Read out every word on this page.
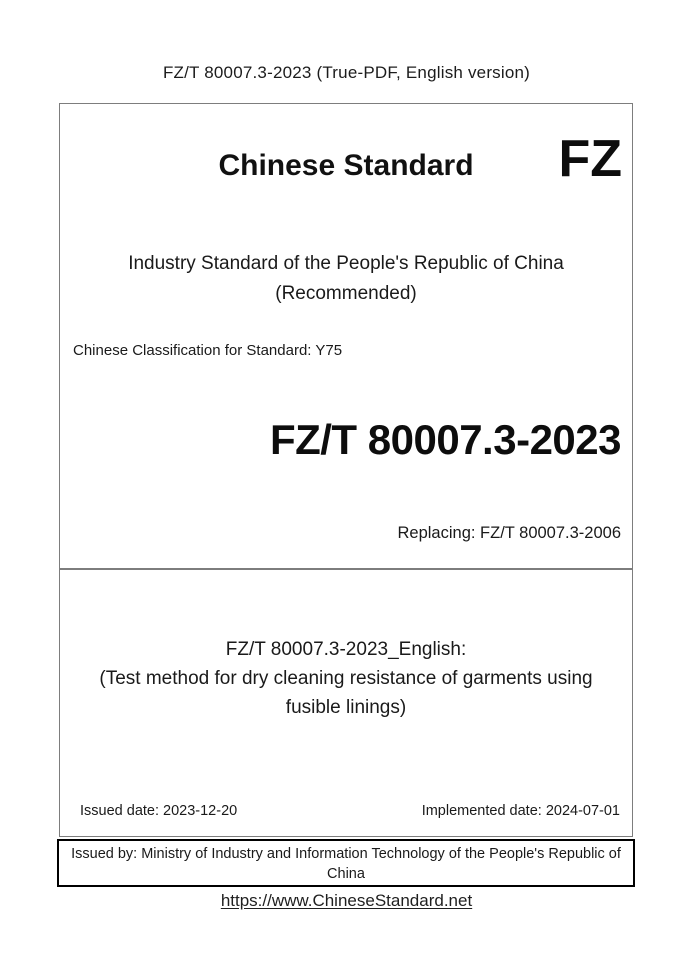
FZ/T 80007.3-2023 (True-PDF, English version)
Chinese Standard	FZ
Industry Standard of the People's Republic of China
(Recommended)
Chinese Classification for Standard: Y75
FZ/T 80007.3-2023
Replacing: FZ/T 80007.3-2006
FZ/T 80007.3-2023_English:
(Test method for dry cleaning resistance of garments using
fusible linings)
Issued date: 2023-12-20	Implemented date: 2024-07-01
Issued by: Ministry of Industry and Information Technology of the People's Republic of
China
https://www.ChineseStandard.net
